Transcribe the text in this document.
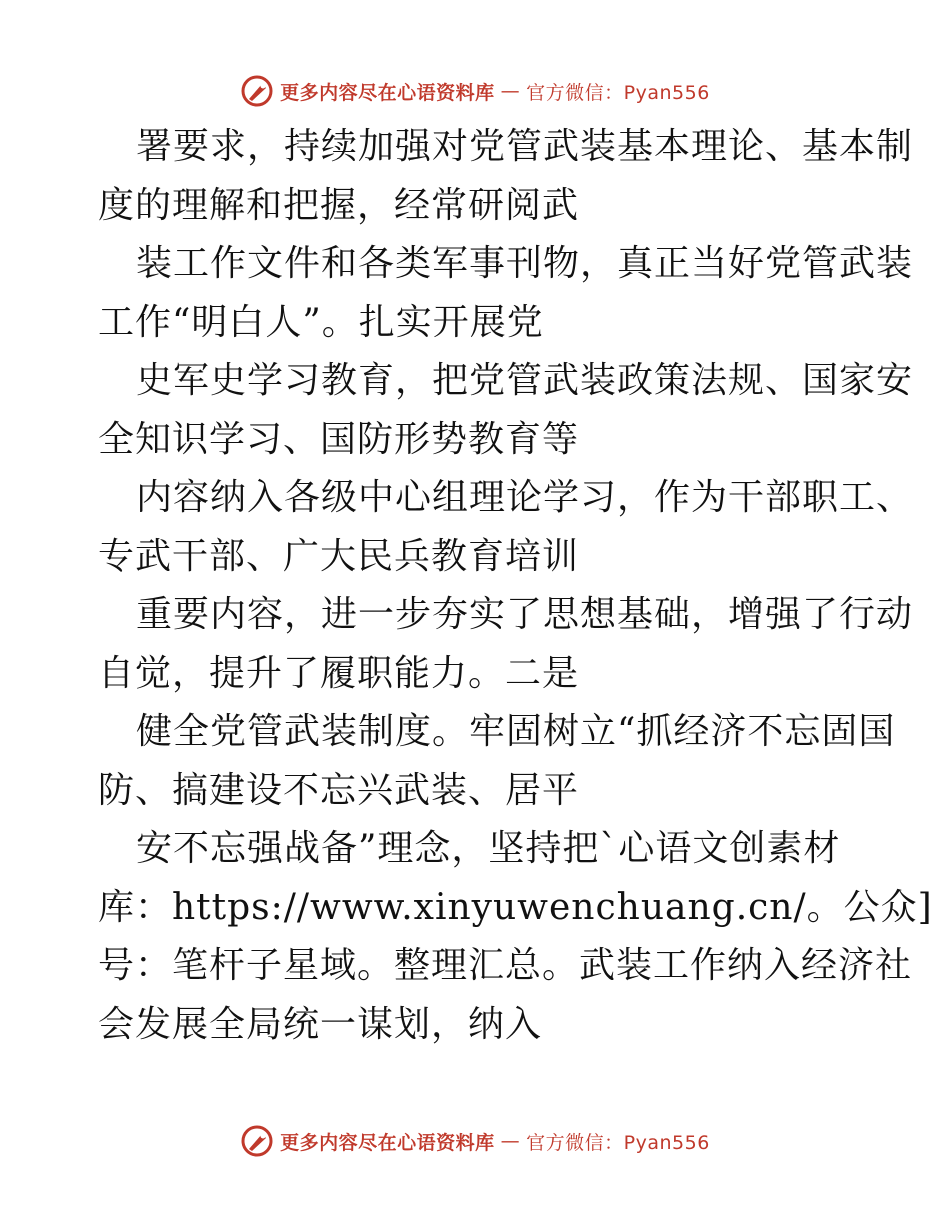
更多内容尽在心语资料库 — 官方微信：Pyan556
署要求，持续加强对党管武装基本理论、基本制
度的理解和把握，经常研阅武
装工作文件和各类军事刊物，真正当好党管武装
工作“明白人”。扎实开展党
史军史学习教育，把党管武装政策法规、国家安
全知识学习、国防形势教育等
内容纳入各级中心组理论学习，作为干部职工、
专武干部、广大民兵教育培训
重要内容，进一步夯实了思想基础，增强了行动
自觉，提升了履职能力。二是
健全党管武装制度。牢固树立“抓经济不忘固国
防、搞建设不忘兴武装、居平
安不忘强战备”理念，坚持把`心语文创素材
库：https://www.xinyuwenchuang.cn/。公众]
号：笔杆子星域。整理汇总。武装工作纳入经济社
会发展全局统一谋划，纳入
更多内容尽在心语资料库 — 官方微信：Pyan556
